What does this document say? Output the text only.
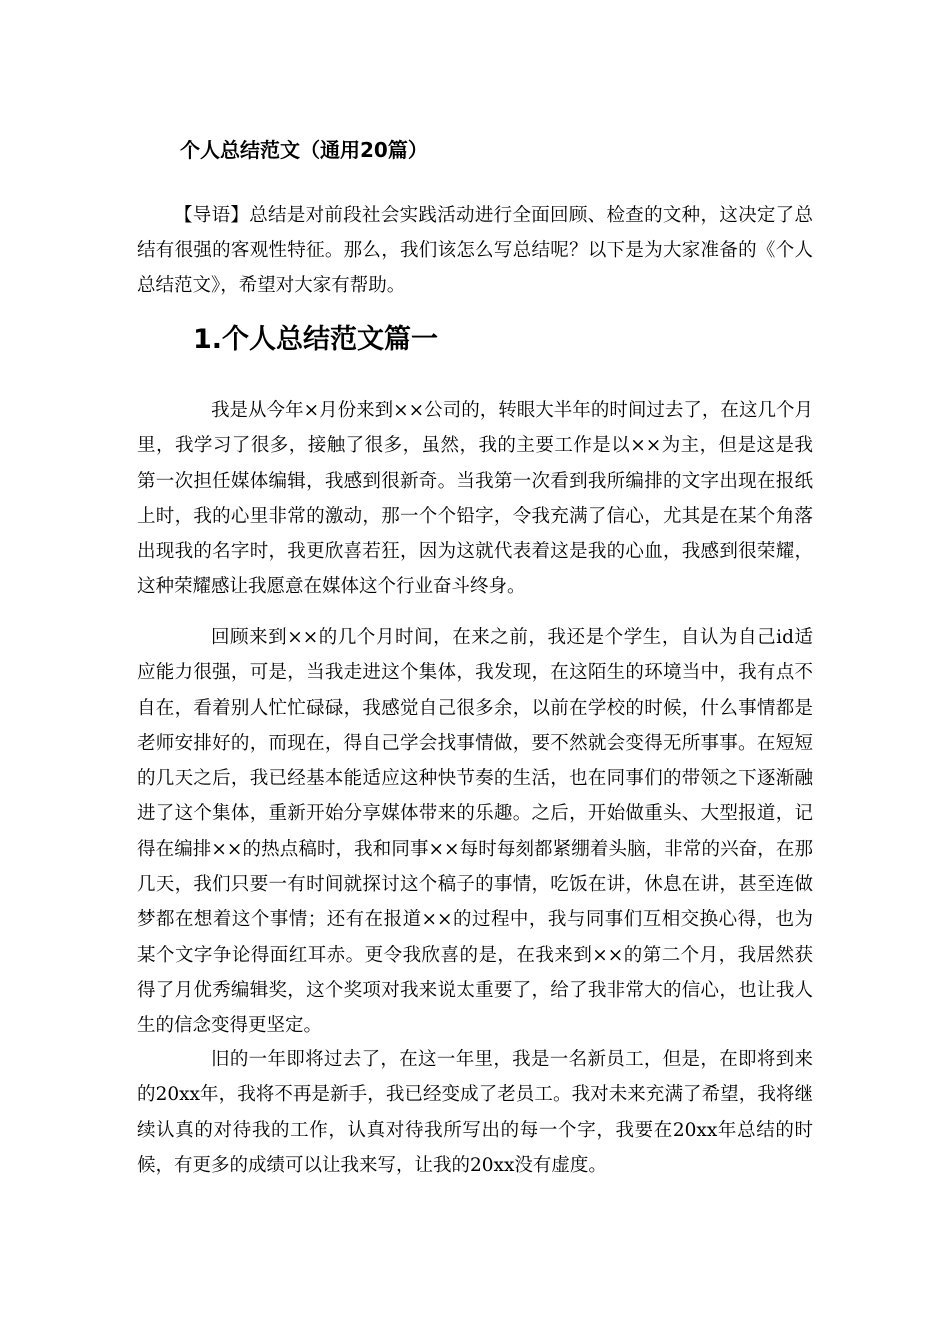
个人总结范文（通用20篇）

【导语】总结是对前段社会实践活动进行全面回顾、检查的文种，这决定了总结有很强的客观性特征。那么，我们该怎么写总结呢？以下是为大家准备的《个人总结范文》，希望对大家有帮助。

1.个人总结范文篇一

我是从今年×月份来到××公司的，转眼大半年的时间过去了，在这几个月里，我学习了很多，接触了很多，虽然，我的主要工作是以××为主，但是这是我第一次担任媒体编辑，我感到很新奇。当我第一次看到我所编排的文字出现在报纸上时，我的心里非常的激动，那一个个铅字，令我充满了信心，尤其是在某个角落出现我的名字时，我更欣喜若狂，因为这就代表着这是我的心血，我感到很荣耀，这种荣耀感让我愿意在媒体这个行业奋斗终身。

回顾来到××的几个月时间，在来之前，我还是个学生，自认为自己id适应能力很强，可是，当我走进这个集体，我发现，在这陌生的环境当中，我有点不自在，看着别人忙忙碌碌，我感觉自己很多余，以前在学校的时候，什么事情都是老师安排好的，而现在，得自己学会找事情做，要不然就会变得无所事事。在短短的几天之后，我已经基本能适应这种快节奏的生活，也在同事们的带领之下逐渐融进了这个集体，重新开始分享媒体带来的乐趣。之后，开始做重头、大型报道，记得在编排××的热点稿时，我和同事××每时每刻都紧绷着头脑，非常的兴奋，在那几天，我们只要一有时间就探讨这个稿子的事情，吃饭在讲，休息在讲，甚至连做梦都在想着这个事情；还有在报道××的过程中，我与同事们互相交换心得，也为某个文字争论得面红耳赤。更令我欣喜的是，在我来到××的第二个月，我居然获得了月优秀编辑奖，这个奖项对我来说太重要了，给了我非常大的信心，也让我人生的信念变得更坚定。

旧的一年即将过去了，在这一年里，我是一名新员工，但是，在即将到来的20xx年，我将不再是新手，我已经变成了老员工。我对未来充满了希望，我将继续认真的对待我的工作，认真对待我所写出的每一个字，我要在20xx年总结的时候，有更多的成绩可以让我来写，让我的20xx没有虚度。
